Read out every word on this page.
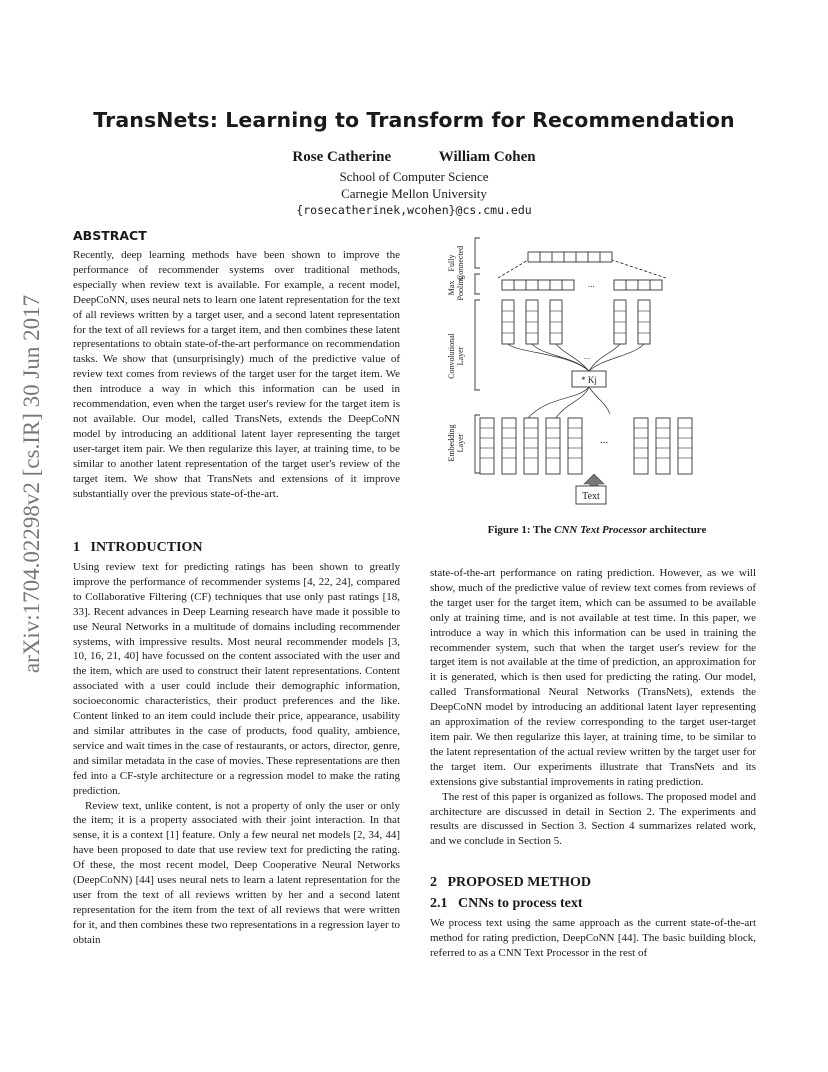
arXiv:1704.02298v2 [cs.IR] 30 Jun 2017
TransNets: Learning to Transform for Recommendation
Rose Catherine	William Cohen
School of Computer Science
Carnegie Mellon University
{rosecatherinek,wcohen}@cs.cmu.edu
ABSTRACT

Recently, deep learning methods have been shown to improve the performance of recommender systems over traditional methods, especially when review text is available. For example, a recent model, DeepCoNN, uses neural nets to learn one latent representation for the text of all reviews written by a target user, and a second latent representation for the text of all reviews for a target item, and then combines these latent representations to obtain state-of-the-art performance on recommendation tasks. We show that (unsurprisingly) much of the predictive value of review text comes from reviews of the target user for the target item. We then introduce a way in which this information can be used in recommendation, even when the target user's review for the target item is not available. Our model, called TransNets, extends the DeepCoNN model by introducing an additional latent layer representing the target user-target item pair. We then regularize this layer, at training time, to be similar to another latent representation of the target user's review of the target item. We show that TransNets and extensions of it improve substantially over the previous state-of-the-art.

FullyConnected
MaxPooling
ConvolutionalLayer
EmbeddingLayer
...
* Kj
...
...
Text
Figure 1: The CNN Text Processor architecture
1 INTRODUCTION

Using review text for predicting ratings has been shown to greatly improve the performance of recommender systems [4, 22, 24], compared to Collaborative Filtering (CF) techniques that use only past ratings [18, 33]. Recent advances in Deep Learning research have made it possible to use Neural Networks in a multitude of domains including recommender systems, with impressive results. Most neural recommender models [3, 10, 16, 21, 40] have focussed on the content associated with the user and the item, which are used to construct their latent representations. Content associated with a user could include their demographic information, socioeconomic characteristics, their product preferences and the like. Content linked to an item could include their price, appearance, usability and similar attributes in the case of products, food quality, ambience, service and wait times in the case of restaurants, or actors, director, genre, and similar metadata in the case of movies. These representations are then fed into a CF-style architecture or a regression model to make the rating prediction.

Review text, unlike content, is not a property of only the user or only the item; it is a property associated with their joint interaction. In that sense, it is a context [1] feature. Only a few neural net models [2, 34, 44] have been proposed to date that use review text for predicting the rating. Of these, the most recent model, Deep Cooperative Neural Networks (DeepCoNN) [44] uses neural nets to learn a latent representation for the user from the text of all reviews written by her and a second latent representation for the item from the text of all reviews that were written for it, and then combines these two representations in a regression layer to obtain

state-of-the-art performance on rating prediction. However, as we will show, much of the predictive value of review text comes from reviews of the target user for the target item, which can be assumed to be available only at training time, and is not available at test time. In this paper, we introduce a way in which this information can be used in training the recommender system, such that when the target user's review for the target item is not available at the time of prediction, an approximation for it is generated, which is then used for predicting the rating. Our model, called Transformational Neural Networks (TransNets), extends the DeepCoNN model by introducing an additional latent layer representing an approximation of the review corresponding to the target user-target item pair. We then regularize this layer, at training time, to be similar to the latent representation of the actual review written by the target user for the target item. Our experiments illustrate that TransNets and its extensions give substantial improvements in rating prediction.

The rest of this paper is organized as follows. The proposed model and architecture are discussed in detail in Section 2. The experiments and results are discussed in Section 3. Section 4 summarizes related work, and we conclude in Section 5.

2 PROPOSED METHOD
2.1 CNNs to process text

We process text using the same approach as the current state-of-the-art method for rating prediction, DeepCoNN [44]. The basic building block, referred to as a CNN Text Processor in the rest of
